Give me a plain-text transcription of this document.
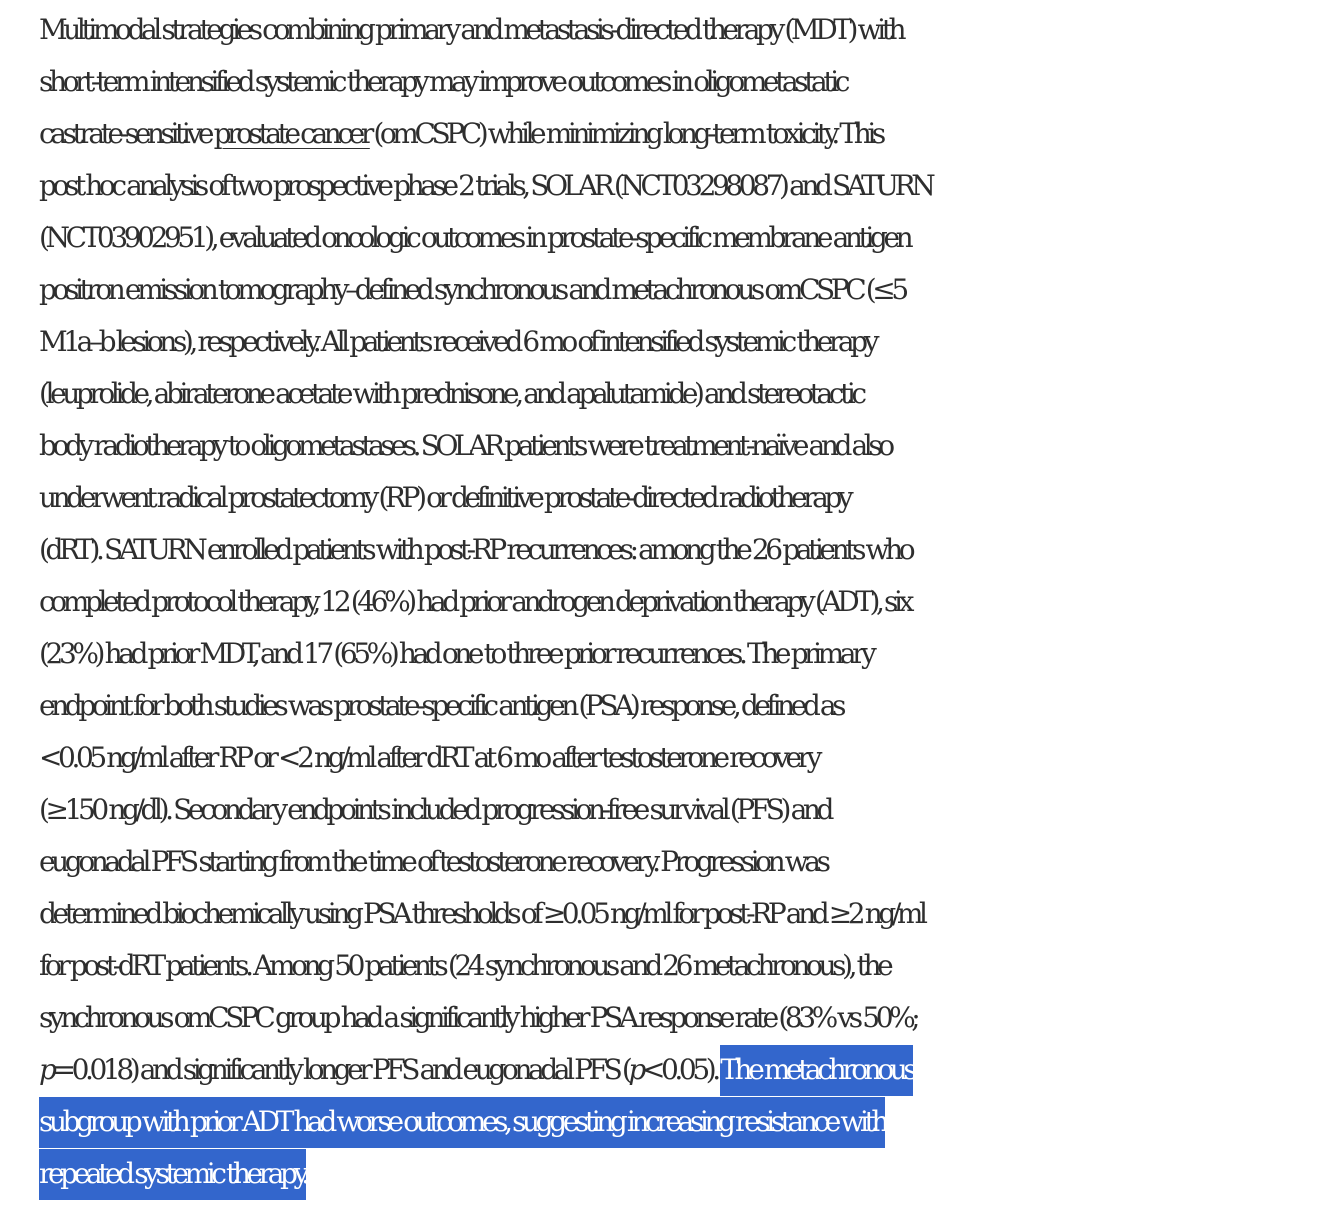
Multimodal strategies combining primary and metastasis-directed therapy (MDT) with
short-term intensified systemic therapy may improve outcomes in oligometastatic
castrate-sensitive prostate cancer (omCSPC) while minimizing long-term toxicity. This
post hoc analysis of two prospective phase 2 trials, SOLAR (NCT03298087) and SATURN
(NCT03902951), evaluated oncologic outcomes in prostate-specific membrane antigen
positron emission tomography–defined synchronous and metachronous omCSPC (≤5
M1a–b lesions), respectively. All patients received 6 mo of intensified systemic therapy
(leuprolide, abiraterone acetate with prednisone, and apalutamide) and stereotactic
body radiotherapy to oligometastases. SOLAR patients were treatment-naïve and also
underwent radical prostatectomy (RP) or definitive prostate-directed radiotherapy
(dRT). SATURN enrolled patients with post-RP recurrences: among the 26 patients who
completed protocol therapy, 12 (46%) had prior androgen deprivation therapy (ADT), six
(23%) had prior MDT, and 17 (65%) had one to three prior recurrences. The primary
endpoint for both studies was prostate-specific antigen (PSA) response, defined as
<0.05 ng/ml after RP or <2 ng/ml after dRT at 6 mo after testosterone recovery
(≥150 ng/dl). Secondary endpoints included progression-free survival (PFS) and
eugonadal PFS starting from the time of testosterone recovery. Progression was
determined biochemically using PSA thresholds of ≥0.05 ng/ml for post-RP and ≥2 ng/ml
for post-dRT patients. Among 50 patients (24 synchronous and 26 metachronous), the
synchronous omCSPC group had a significantly higher PSA response rate (83% vs 50%;
p=0.018) and significantly longer PFS and eugonadal PFS (p<0.05). The metachronous
subgroup with prior ADT had worse outcomes, suggesting increasing resistance with
repeated systemic therapy.
